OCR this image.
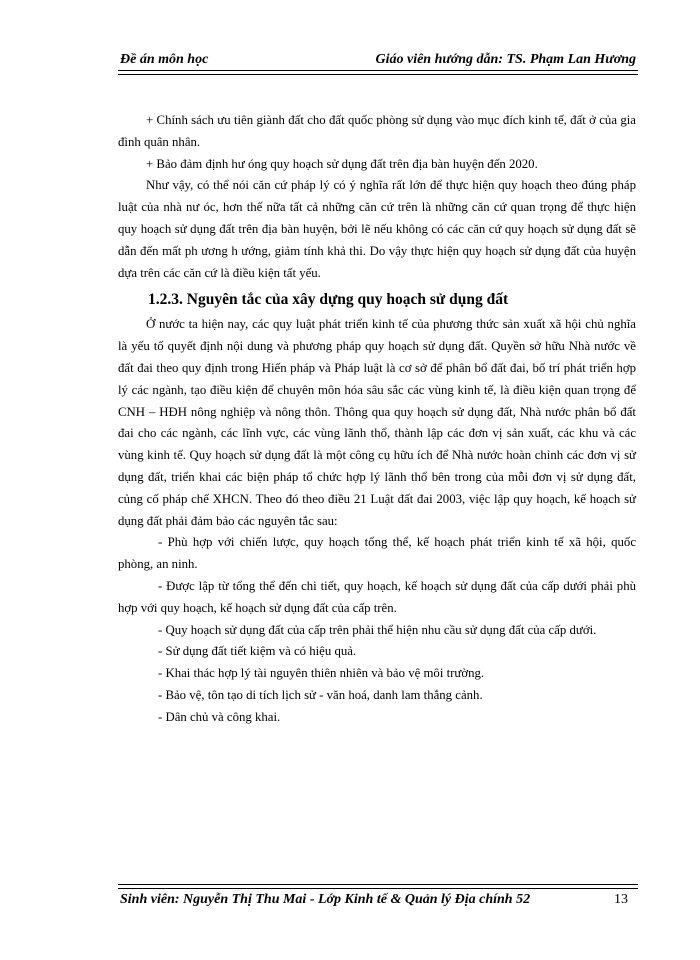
Đề án môn học	Giáo viên hướng dẫn: TS. Phạm Lan Hương

+ Chính sách ưu tiên giành đất cho đất quốc phòng sử dụng vào mục đích kinh tế, đất ở của gia đình quân nhân.

+ Bảo đảm định hư óng quy hoạch sử dụng đất trên địa bàn huyện đến 2020.

Như vậy, có thể nói căn cứ pháp lý có ý nghĩa rất lớn để thực hiện quy hoạch theo đúng pháp luật của nhà nư óc, hơn thế nữa tất cả những căn cứ trên là những căn cứ quan trọng để thực hiện quy hoạch sử dụng đất trên địa bàn huyện, bởi lẽ nếu không có các căn cứ quy hoạch sử dụng đất sẽ dẫn đến mất ph ương h ướng, giảm tính khả thi. Do vậy thực hiện quy hoạch sử dụng đất của huyện dựa trên các căn cứ là điều kiện tất yếu.

1.2.3. Nguyên tắc của xây dựng quy hoạch sử dụng đất

Ở nước ta hiện nay, các quy luật phát triển kinh tế của phương thức sản xuất xã hội chủ nghĩa là yếu tố quyết định nội dung và phương pháp quy hoạch sử dụng đất. Quyền sở hữu Nhà nước về đất đai theo quy định trong Hiến pháp và Pháp luật là cơ sở để phân bổ đất đai, bố trí phát triển hợp lý các ngành, tạo điều kiện để chuyên môn hóa sâu sắc các vùng kinh tế, là điều kiện quan trọng để CNH – HĐH nông nghiệp và nông thôn. Thông qua quy hoạch sử dụng đất, Nhà nước phân bổ đất đai cho các ngành, các lĩnh vực, các vùng lãnh thổ, thành lập các đơn vị sản xuất, các khu và các vùng kinh tế. Quy hoạch sử dụng đất là một công cụ hữu ích để Nhà nước hoàn chỉnh các đơn vị sử dụng đất, triển khai các biện pháp tổ chức hợp lý lãnh thổ bên trong của mỗi đơn vị sử dụng đất, củng cố pháp chế XHCN. Theo đó theo điều 21 Luật đất đai 2003, việc lập quy hoạch, kế hoạch sử dụng đất phải đảm bảo các nguyên tắc sau:

- Phù hợp với chiến lược, quy hoạch tổng thể, kế hoạch phát triển kinh tế xã hội, quốc phòng, an ninh.

- Được lập từ tổng thể đến chi tiết, quy hoạch, kế hoạch sử dụng đất của cấp dưới phải phù hợp với quy hoạch, kế hoạch sử dụng đất của cấp trên.

- Quy hoạch sử dụng đất của cấp trên phải thể hiện nhu cầu sử dụng đất của cấp dưới.

- Sử dụng đất tiết kiệm và có hiệu quả.

- Khai thác hợp lý tài nguyên thiên nhiên và bảo vệ môi trường.

- Bảo vệ, tôn tạo di tích lịch sử - văn hoá, danh lam thắng cảnh.

- Dân chủ và công khai.

Sinh viên: Nguyễn Thị Thu Mai - Lớp Kinh tế & Quản lý Địa chính 52	13
